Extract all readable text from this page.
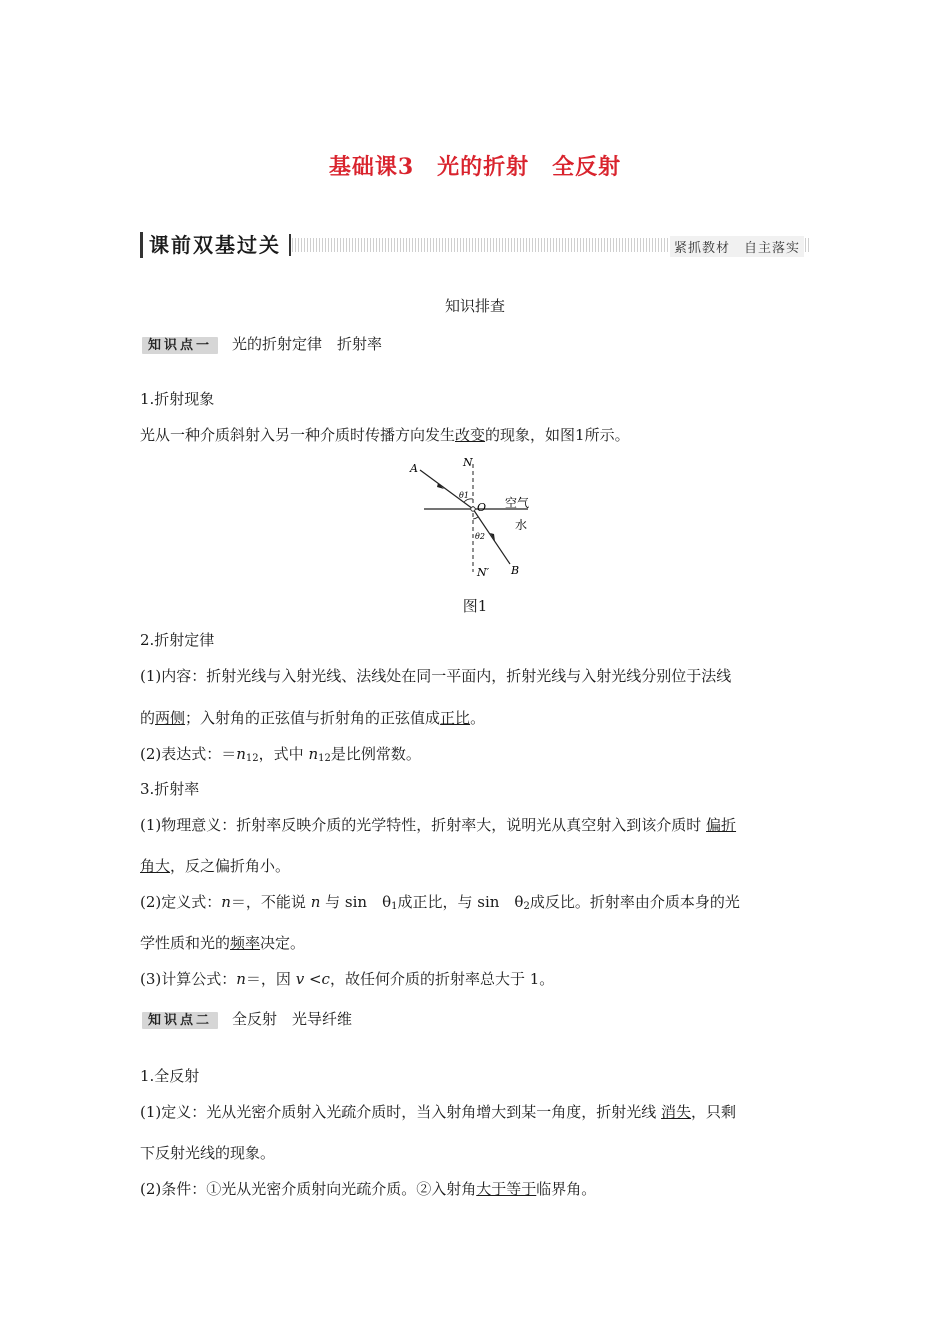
基础课3　光的折射　全反射
课前双基过关	紧抓教材　自主落实
知识排查
知识点一 光的折射定律　折射率
1.折射现象
光从一种介质斜射入另一种介质时传播方向发生改变的现象，如图1所示。
A	N
O
θ1
θ2
空气
水
N′ B
图1
2.折射定律
(1)内容：折射光线与入射光线、法线处在同一平面内，折射光线与入射光线分别位于法线
的两侧；入射角的正弦值与折射角的正弦值成正比。
(2)表达式：$=n_{12}$，式中 $n_{12}$是比例常数。
3.折射率
(1)物理意义：折射率反映介质的光学特性，折射率大，说明光从真空射入到该介质时 偏折
角大，反之偏折角小。
(2)定义式：n＝，不能说 n 与 sin　$\theta_1$成正比，与 sin　$\theta_2$成反比。折射率由介质本身的光
学性质和光的频率决定。
(3)计算公式：n＝，因 v <c，故任何介质的折射率总大于 1。
知识点二 全反射　光导纤维
1.全反射
(1)定义：光从光密介质射入光疏介质时，当入射角增大到某一角度，折射光线 消失，只剩
下反射光线的现象。
(2)条件：①光从光密介质射向光疏介质。②入射角大于等于临界角。
